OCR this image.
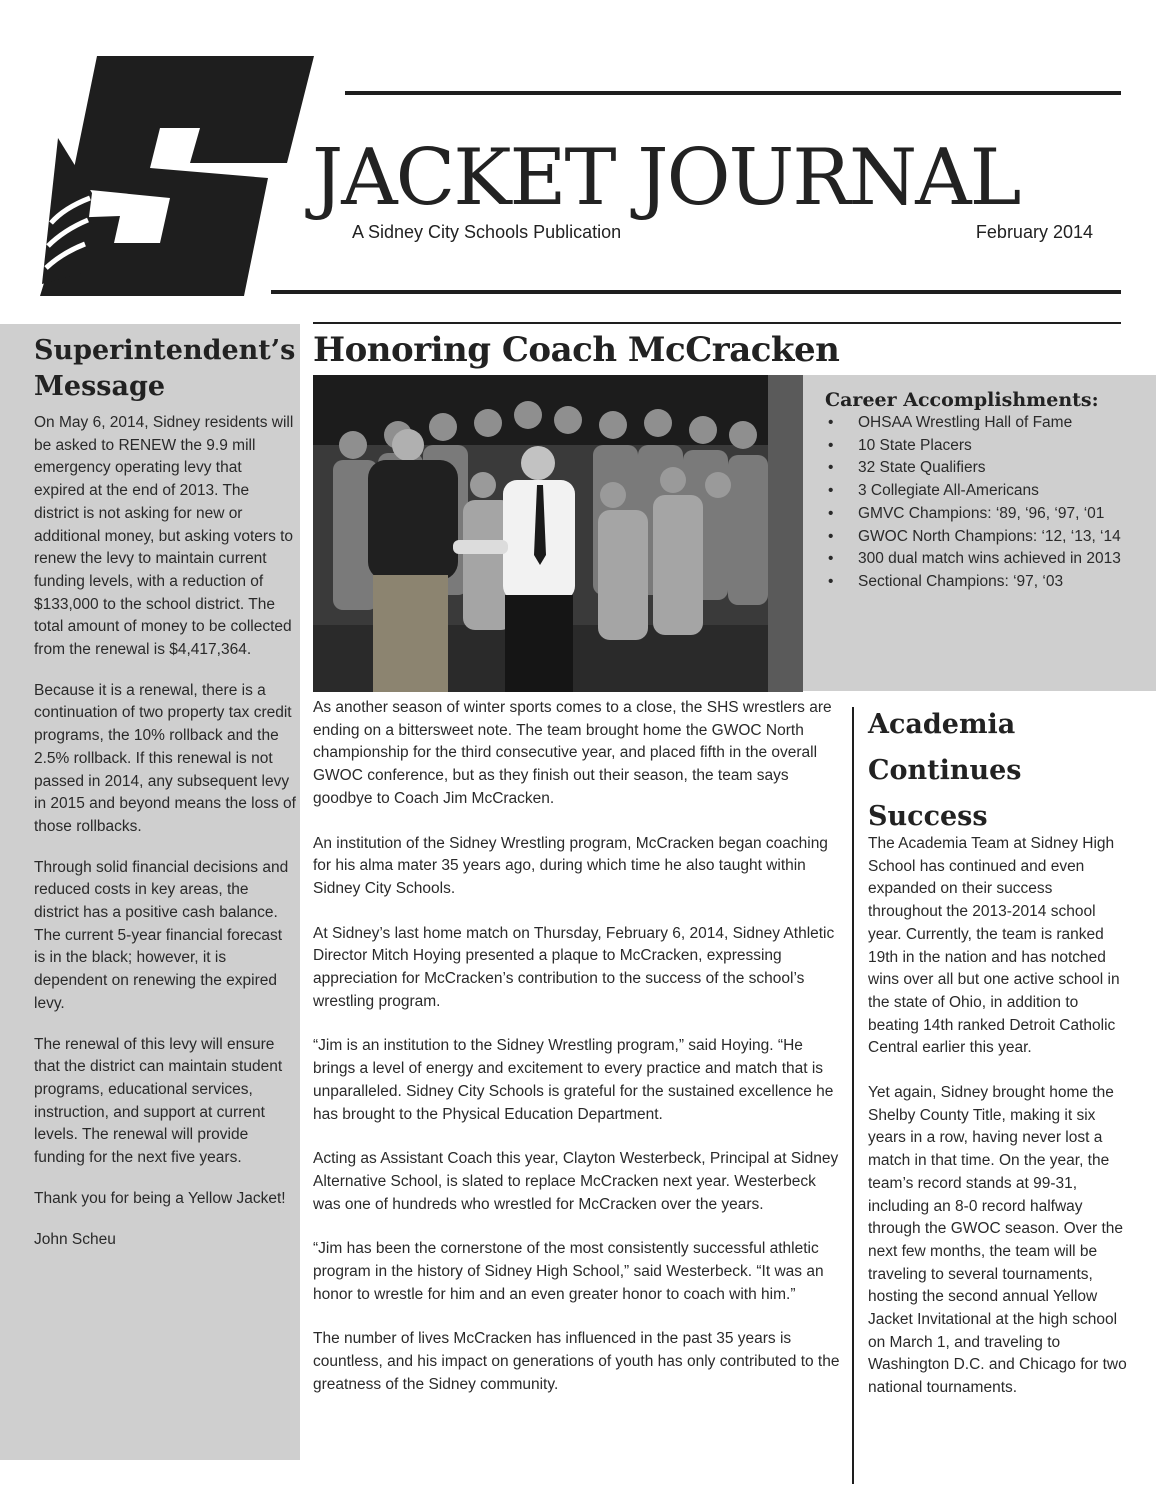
JACKET JOURNAL
A Sidney City Schools Publication	February 2014
Superintendent’s Message

On May 6, 2014, Sidney residents will be asked to RENEW the 9.9 mill emergency operating levy that expired at the end of 2013. The district is not asking for new or additional money, but asking voters to renew the levy to maintain current funding levels, with a reduction of $133,000 to the school district. The total amount of money to be collected from the renewal is $4,417,364.

Because it is a renewal, there is a continuation of two property tax credit programs, the 10% rollback and the 2.5% rollback. If this renewal is not passed in 2014, any subsequent levy in 2015 and beyond means the loss of those rollbacks.

Through solid financial decisions and reduced costs in key areas, the district has a positive cash balance. The current 5-year financial forecast is in the black; however, it is dependent on renewing the expired levy.

The renewal of this levy will ensure that the district can maintain student programs, educational services, instruction, and support at current levels. The renewal will provide funding for the next five years.

Thank you for being a Yellow Jacket!

John Scheu

Honoring Coach McCracken

As another season of winter sports comes to a close, the SHS wrestlers are ending on a bittersweet note. The team brought home the GWOC North championship for the third consecutive year, and placed fifth in the overall GWOC conference, but as they finish out their season, the team says goodbye to Coach Jim McCracken.

An institution of the Sidney Wrestling program, McCracken began coaching for his alma mater 35 years ago, during which time he also taught within Sidney City Schools.

At Sidney’s last home match on Thursday, February 6, 2014, Sidney Athletic Director Mitch Hoying presented a plaque to McCracken, expressing appreciation for McCracken’s contribution to the success of the school’s wrestling program.

“Jim is an institution to the Sidney Wrestling program,” said Hoying. “He brings a level of energy and excitement to every practice and match that is unparalleled. Sidney City Schools is grateful for the sustained excellence he has brought to the Physical Education Department.

Acting as Assistant Coach this year, Clayton Westerbeck, Principal at Sidney Alternative School, is slated to replace McCracken next year. Westerbeck was one of hundreds who wrestled for McCracken over the years.

“Jim has been the cornerstone of the most consistently successful athletic program in the history of Sidney High School,” said Westerbeck. “It was an honor to wrestle for him and an even greater honor to coach with him.”

The number of lives McCracken has influenced in the past 35 years is countless, and his impact on generations of youth has only contributed to the greatness of the Sidney community.

Career Accomplishments:
• OHSAA Wrestling Hall of Fame
• 10 State Placers
• 32 State Qualifiers
• 3 Collegiate All-Americans
• GMVC Champions: ‘89, ‘96, ‘97, ‘01
• GWOC North Champions: ‘12, ‘13, ‘14
• 300 dual match wins achieved in 2013
• Sectional Champions: ‘97, ‘03
Academia Continues Success

The Academia Team at Sidney High School has continued and even expanded on their success throughout the 2013-2014 school year. Currently, the team is ranked 19th in the nation and has notched wins over all but one active school in the state of Ohio, in addition to beating 14th ranked Detroit Catholic Central earlier this year.

Yet again, Sidney brought home the Shelby County Title, making it six years in a row, having never lost a match in that time. On the year, the team’s record stands at 99-31, including an 8-0 record halfway through the GWOC season. Over the next few months, the team will be traveling to several tournaments, hosting the second annual Yellow Jacket Invitational at the high school on March 1, and traveling to Washington D.C. and Chicago for two national tournaments.
